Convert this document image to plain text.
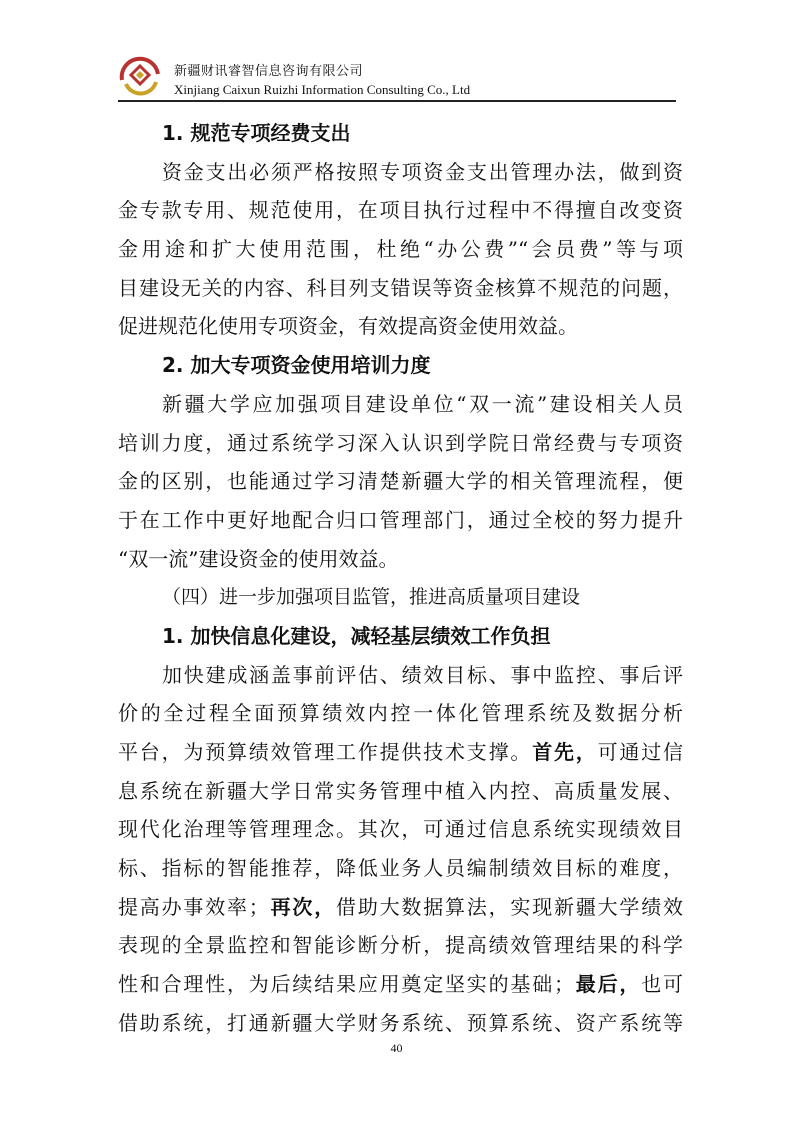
新疆财讯睿智信息咨询有限公司
Xinjiang Caixun Ruizhi Information Consulting Co., Ltd
1. 规范专项经费支出
资金支出必须严格按照专项资金支出管理办法，做到资
金专款专用、规范使用，在项目执行过程中不得擅自改变资
金用途和扩大使用范围，杜绝“办公费”“会员费”等与项
目建设无关的内容、科目列支错误等资金核算不规范的问题，
促进规范化使用专项资金，有效提高资金使用效益。
2. 加大专项资金使用培训力度
新疆大学应加强项目建设单位“双一流”建设相关人员
培训力度，通过系统学习深入认识到学院日常经费与专项资
金的区别，也能通过学习清楚新疆大学的相关管理流程，便
于在工作中更好地配合归口管理部门，通过全校的努力提升
“双一流”建设资金的使用效益。
（四）进一步加强项目监管，推进高质量项目建设
1. 加快信息化建设，减轻基层绩效工作负担
加快建成涵盖事前评估、绩效目标、事中监控、事后评
价的全过程全面预算绩效内控一体化管理系统及数据分析
平台，为预算绩效管理工作提供技术支撑。首先，可通过信
息系统在新疆大学日常实务管理中植入内控、高质量发展、
现代化治理等管理理念。其次，可通过信息系统实现绩效目
标、指标的智能推荐，降低业务人员编制绩效目标的难度，
提高办事效率；再次，借助大数据算法，实现新疆大学绩效
表现的全景监控和智能诊断分析，提高绩效管理结果的科学
性和合理性，为后续结果应用奠定坚实的基础；最后，也可
借助系统，打通新疆大学财务系统、预算系统、资产系统等
40
